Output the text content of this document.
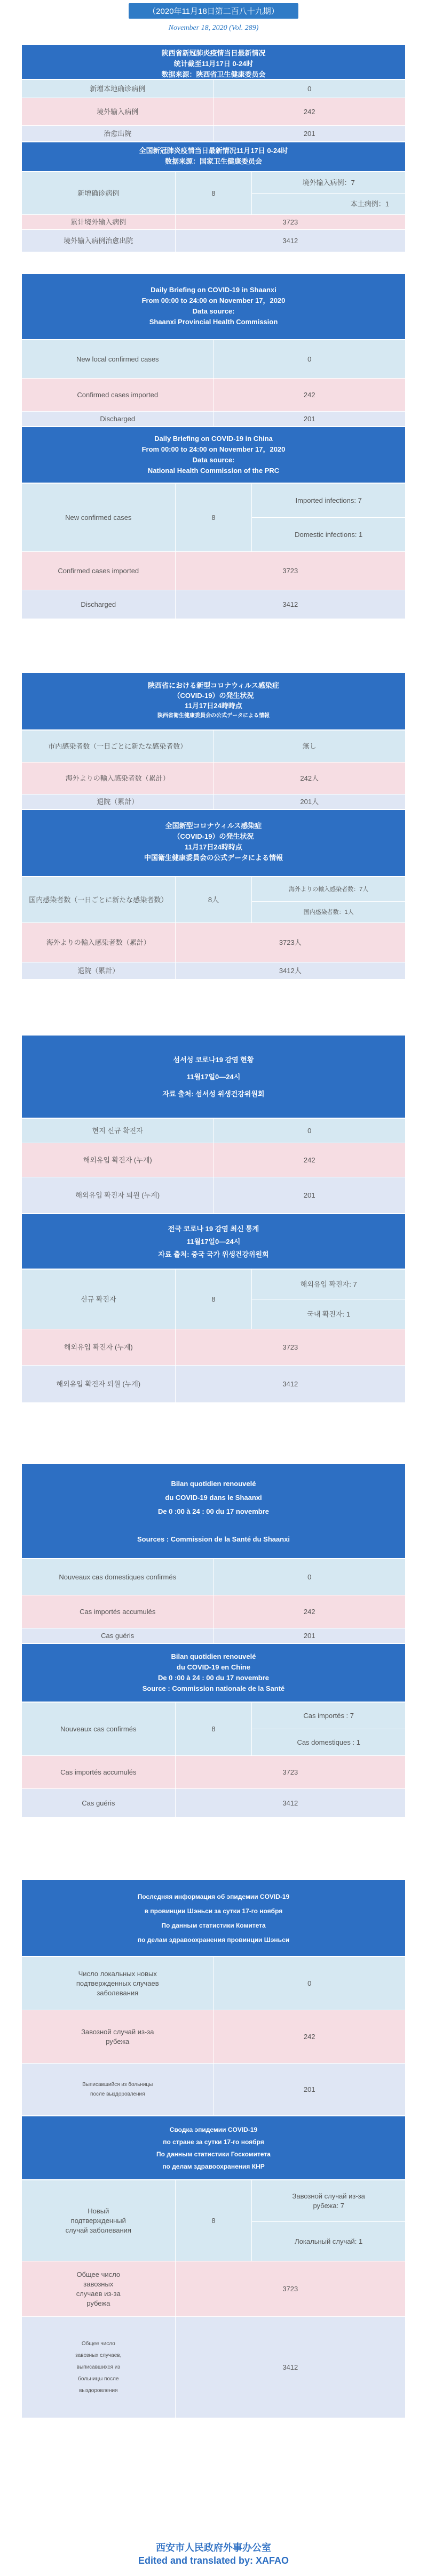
（2020年11月18日第二百八十九期）
November 18, 2020 (Vol. 289)
陕西省新冠肺炎疫情当日最新情况
统计截至11月17日 0-24时
数据来源：陕西省卫生健康委员会
新增本地确诊病例	0
境外输入病例	242
治愈出院	201
全国新冠肺炎疫情当日最新情况11月17日 0-24时
数据来源：国家卫生健康委员会
新增确诊病例	8	境外输入病例：7
		本土病例：1
累计境外输入病例	3723	
境外输入病例治愈出院	3412	
Daily Briefing on COVID-19 in Shaanxi
From 00:00 to 24:00 on November 17，2020
Data source:
Shaanxi Provincial Health Commission
New local confirmed cases	0
Confirmed cases imported	242
Discharged	201
Daily Briefing on COVID-19 in China
From 00:00 to 24:00 on November 17，2020
Data source:
National Health Commission of the PRC
New confirmed cases	8	Imported infections: 7
		Domestic infections: 1
Confirmed cases imported	3723	
Discharged	3412	
陕西省における新型コロナウィルス感染症
（COVID-19）の発生状況
11月17日24時時点
陕西省衛生健康委員会の公式データによる情報
市内感染者数（一日ごとに新たな感染者数）	無し
海外よりの輸入感染者数（累計）	242人
退院（累計）	201人
全国新型コロナウィルス感染症
（COVID-19）の発生状況
11月17日24時時点
中国衛生健康委員会の公式データによる情報
国内感染者数（一日ごとに新たな感染者数）	8人	海外よりの輸入感染者数：7人
		国内感染者数：1人
海外よりの輸入感染者数（累計）	3723人	
退院（累計）	3412人	
섬서성 코로나19 감염 현황
11월17일0—24시
자료 출처: 섬서성 위생건강위원회
현지 신규 확진자	0
해외유입 확진자 (누계)	242
해외유입 확진자 퇴원 (누계)	201
전국 코로나 19 감염 최신 통계
11월17일0—24시
자료 출처: 중국 국가 위생건강위원회
신규 확진자	8	해외유입 확진자: 7
		국내 확진자: 1
해외유입 확진자 (누계)	3723	
해외유입 확진자 퇴원 (누계)	3412	
Bilan quotidien renouvelé
du COVID-19 dans le Shaanxi
De 0 :00 à 24 : 00 du 17 novembre
Sources : Commission de la Santé du Shaanxi
Nouveaux cas domestiques confirmés	0
Cas importés accumulés	242
Cas guéris	201
Bilan quotidien renouvelé
du COVID-19 en Chine
De 0 :00 à 24 : 00 du 17 novembre
Source : Commission nationale de la Santé
Nouveaux cas confirmés	8	Cas importés : 7
		Cas domestiques : 1
Cas importés accumulés	3723	
Cas guéris	3412	
Последняя информация об эпидемии COVID-19
в провинции Шэньси за сутки 17-го ноября
По данным статистики Комитета
по делам здравоохранения провинции Шэньси
Число локальных новых подтвержденных случаев заболевания	0
Завозной случай из-за рубежа	242
Выписавшийся из больницы после выздоровления	201
Сводка эпидемии COVID-19
по стране за сутки 17-го ноября
По данным статистики Госкомитета
по делам здравоохранения КНР
Новый подтвержденный случай заболевания	8	Завозной случай из-за рубежа: 7
		Локальный случай: 1
Общее число завозных случаев из-за рубежа	3723	
Общее число завозных случаев, выписавшихся из больницы после выздоровления	3412	
西安市人民政府外事办公室
Edited and translated by: XAFAO
